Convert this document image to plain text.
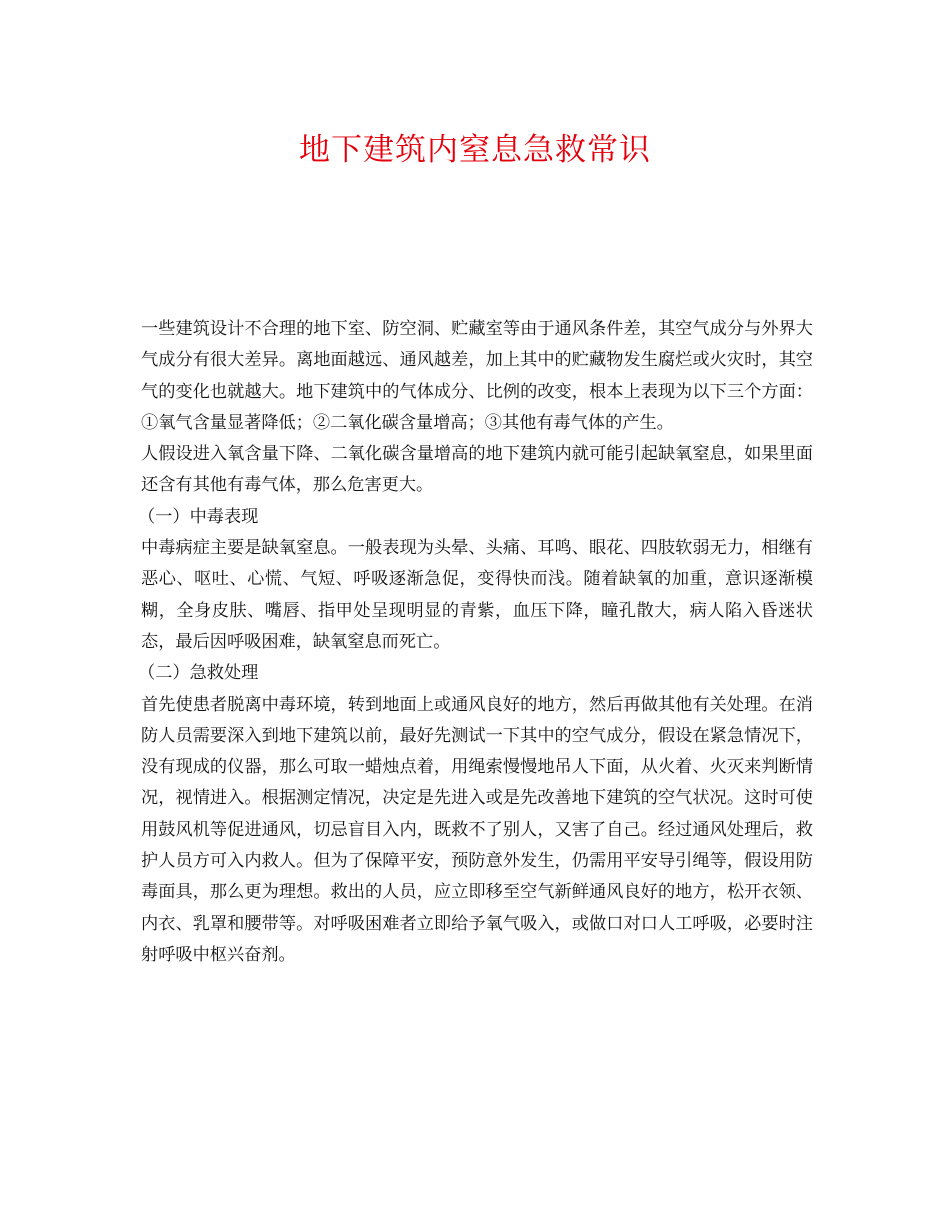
地下建筑内窒息急救常识

一些建筑设计不合理的地下室、防空洞、贮藏室等由于通风条件差，其空气成分与外界大气成分有很大差异。离地面越远、通风越差，加上其中的贮藏物发生腐烂或火灾时，其空气的变化也就越大。地下建筑中的气体成分、比例的改变，根本上表现为以下三个方面：①氧气含量显著降低；②二氧化碳含量增高；③其他有毒气体的产生。

人假设进入氧含量下降、二氧化碳含量增高的地下建筑内就可能引起缺氧窒息，如果里面还含有其他有毒气体，那么危害更大。

（一）中毒表现

中毒病症主要是缺氧窒息。一般表现为头晕、头痛、耳鸣、眼花、四肢软弱无力，相继有恶心、呕吐、心慌、气短、呼吸逐渐急促，变得快而浅。随着缺氧的加重，意识逐渐模糊，全身皮肤、嘴唇、指甲处呈现明显的青紫，血压下降，瞳孔散大，病人陷入昏迷状态，最后因呼吸困难，缺氧窒息而死亡。

（二）急救处理

首先使患者脱离中毒环境，转到地面上或通风良好的地方，然后再做其他有关处理。在消防人员需要深入到地下建筑以前，最好先测试一下其中的空气成分，假设在紧急情况下，没有现成的仪器，那么可取一蜡烛点着，用绳索慢慢地吊人下面，从火着、火灭来判断情况，视情进入。根据测定情况，决定是先进入或是先改善地下建筑的空气状况。这时可使用鼓风机等促进通风，切忌盲目入内，既救不了别人，又害了自己。经过通风处理后，救护人员方可入内救人。但为了保障平安，预防意外发生，仍需用平安导引绳等，假设用防毒面具，那么更为理想。救出的人员，应立即移至空气新鲜通风良好的地方，松开衣领、内衣、乳罩和腰带等。对呼吸困难者立即给予氧气吸入，或做口对口人工呼吸，必要时注射呼吸中枢兴奋剂。
